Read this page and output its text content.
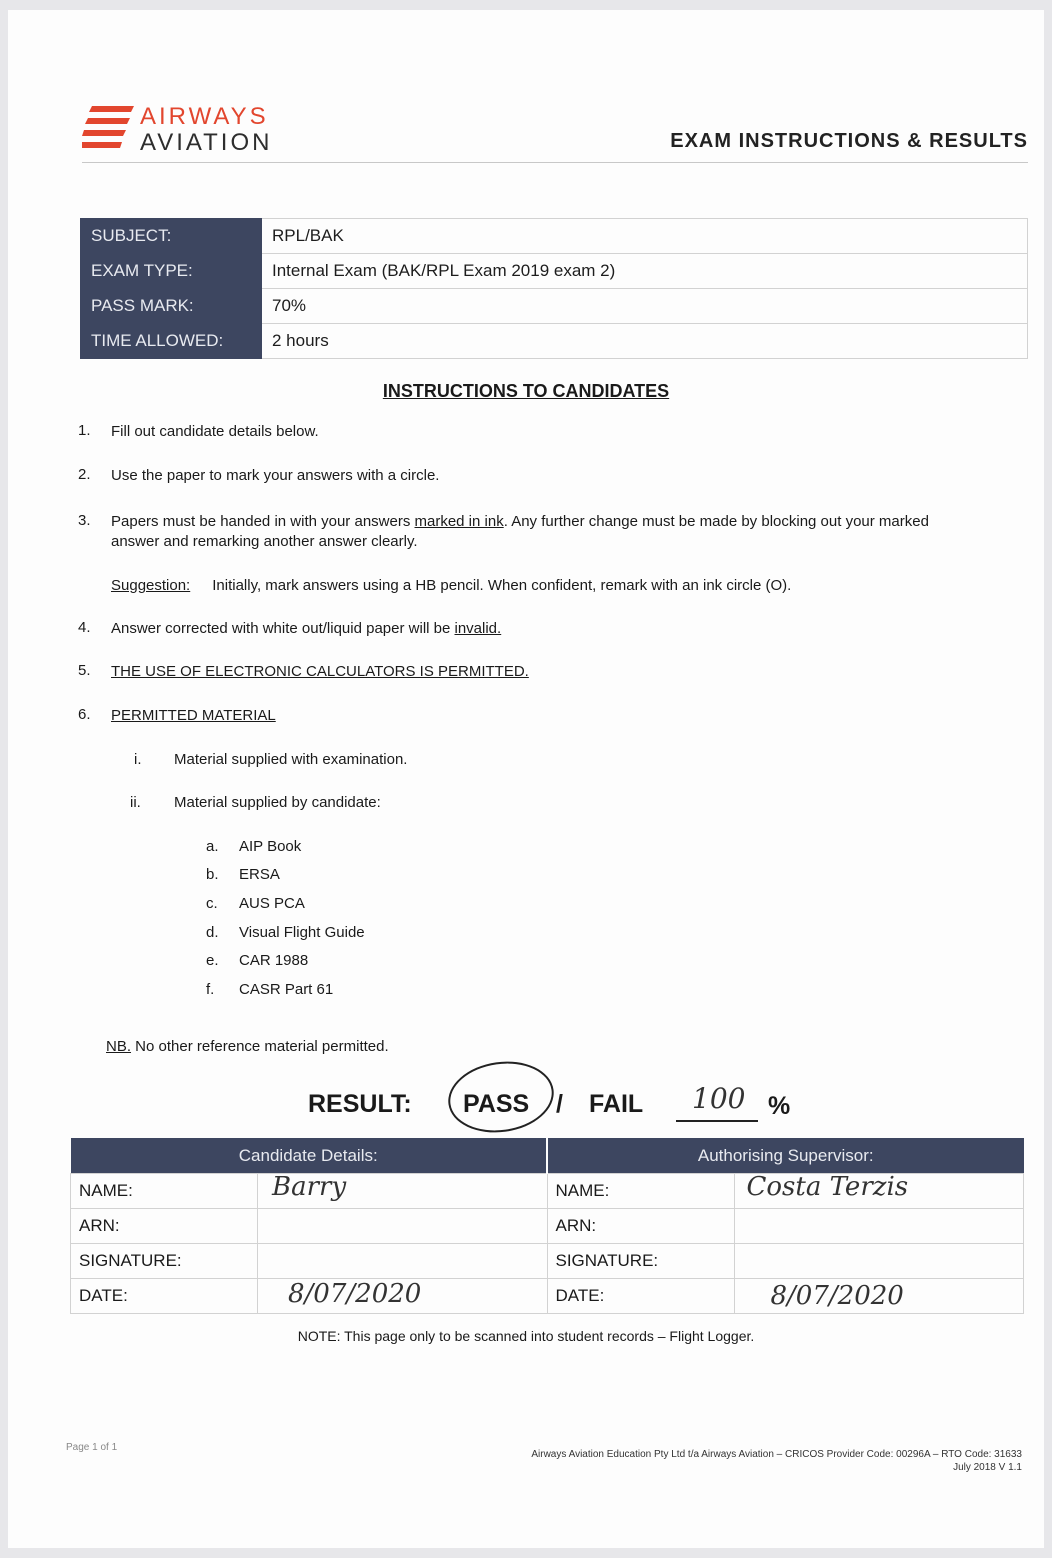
AIRWAYS
AVIATION	EXAM INSTRUCTIONS & RESULTS
SUBJECT:	RPL/BAK
EXAM TYPE:	Internal Exam (BAK/RPL Exam 2019 exam 2)
PASS MARK:	70%
TIME ALLOWED:	2 hours
INSTRUCTIONS TO CANDIDATES
1. Fill out candidate details below.
2. Use the paper to mark your answers with a circle.
3. Papers must be handed in with your answers marked in ink. Any further change must be made by blocking out your marked
answer and remarking another answer clearly.
Suggestion: Initially, mark answers using a HB pencil. When confident, remark with an ink circle (O).
4. Answer corrected with white out/liquid paper will be invalid.
5. THE USE OF ELECTRONIC CALCULATORS IS PERMITTED.
6. PERMITTED MATERIAL
i. Material supplied with examination.
ii. Material supplied by candidate:
a. AIP Book
b. ERSA
c. AUS PCA
d. Visual Flight Guide
e. CAR 1988
f. CASR Part 61
NB. No other reference material permitted.
RESULT: PASS / FAIL 100 %
Candidate Details:		Authorising Supervisor:	
NAME:	Barry	NAME:	Costa Terzis

ARN:		ARN:	
SIGNATURE:		SIGNATURE:	
DATE:	8/07/2020	DATE:	8/07/2020
NOTE: This page only to be scanned into student records – Flight Logger.
Page 1 of 1
Airways Aviation Education Pty Ltd t/a Airways Aviation – CRICOS Provider Code: 00296A – RTO Code: 31633
July 2018 V 1.1
